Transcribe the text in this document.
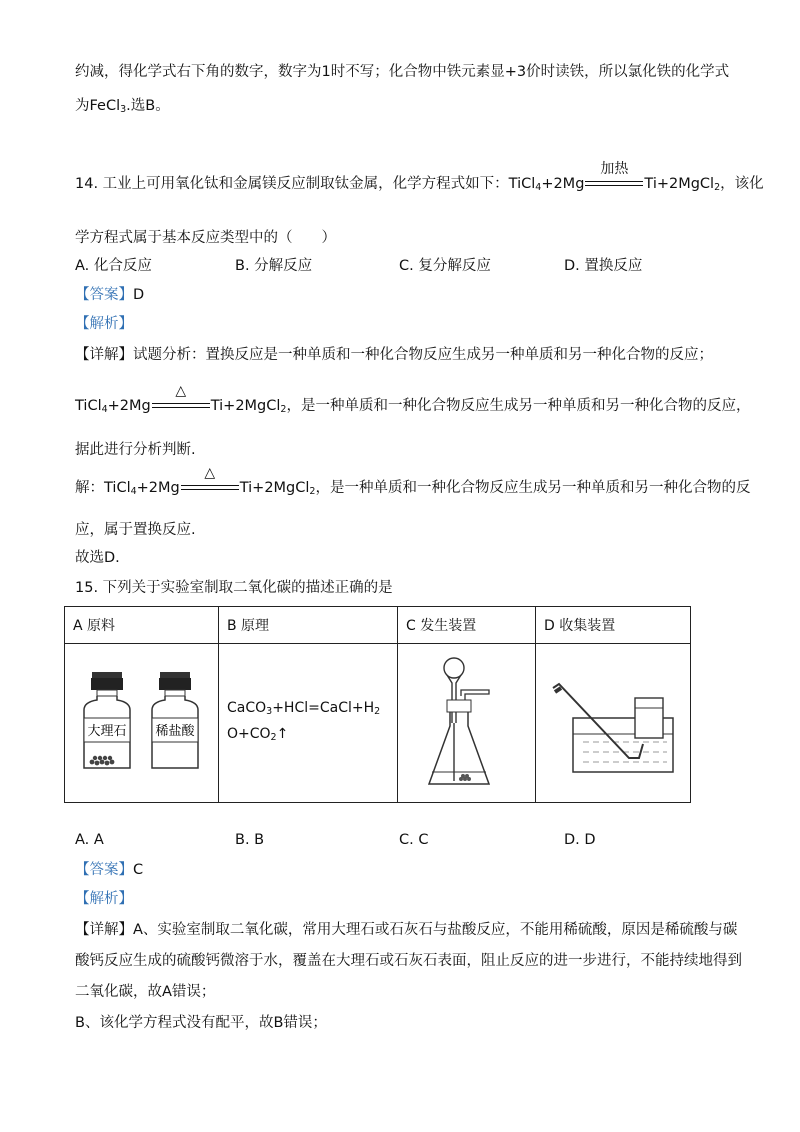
约减，得化学式右下角的数字，数字为1时不写；化合物中铁元素显+3价时读铁，所以氯化铁的化学式
为FeCl$_3$.选B。
14. 工业上可用氧化钛和金属镁反应制取钛金属，化学方程式如下：TiCl$_4$+2Mg
加热
Ti+2MgCl$_2$，该化
学方程式属于基本反应类型中的（　　）
A. 化合反应	B. 分解反应	C. 复分解反应	D. 置换反应
【答案】D
【解析】
【详解】试题分析：置换反应是一种单质和一种化合物反应生成另一种单质和另一种化合物的反应；
TiCl$_4$+2Mg
△
Ti+2MgCl$_2$，是一种单质和一种化合物反应生成另一种单质和另一种化合物的反应，
据此进行分析判断.
解：TiCl$_4$+2Mg
△
Ti+2MgCl$_2$，是一种单质和一种化合物反应生成另一种单质和另一种化合物的反
应，属于置换反应.
故选D.
15. 下列关于实验室制取二氧化碳的描述正确的是
A 原料	B 原理	C 发生装置	D 收集装置

大理石 稀盐酸	$CaCO_3+HCl=CaCl+H_2$
$O+CO_2↑$	

A. A	B. B	C. C	D. D
【答案】C
【解析】
【详解】A、实验室制取二氧化碳，常用大理石或石灰石与盐酸反应，不能用稀硫酸，原因是稀硫酸与碳
酸钙反应生成的硫酸钙微溶于水，覆盖在大理石或石灰石表面，阻止反应的进一步进行，不能持续地得到
二氧化碳，故A错误；
B、该化学方程式没有配平，故B错误；
